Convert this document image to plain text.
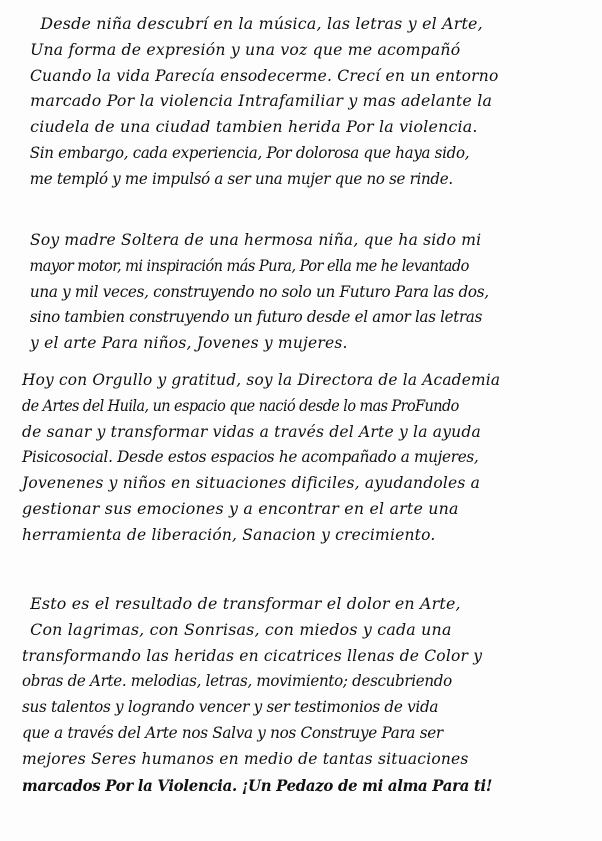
Desde niña descubrí en la música, las letras y el Arte,
Una forma de expresión y una voz que me acompañó
Cuando la vida Parecía ensodecerme. Crecí en un entorno
marcado Por la violencia Intrafamiliar y mas adelante la
ciudela de una ciudad tambien herida Por la violencia.
Sin embargo, cada experiencia, Por dolorosa que haya sido,
me templó y me impulsó a ser una mujer que no se rinde.
Soy madre Soltera de una hermosa niña, que ha sido mi
mayor motor, mi inspiración más Pura, Por ella me he levantado
una y mil veces, construyendo no solo un Futuro Para las dos,
sino tambien construyendo un futuro desde el amor las letras
y el arte Para niños, Jovenes y mujeres.
Hoy con Orgullo y gratitud, soy la Directora de la Academia
de Artes del Huila, un espacio que nació desde lo mas ProFundo
de sanar y transformar vidas a través del Arte y la ayuda
Pisicosocial. Desde estos espacios he acompañado a mujeres,
Jovenenes y niños en situaciones dificiles, ayudandoles a
gestionar sus emociones y a encontrar en el arte una
herramienta de liberación, Sanacion y crecimiento.
Esto es el resultado de transformar el dolor en Arte,
Con lagrimas, con Sonrisas, con miedos y cada una
transformando las heridas en cicatrices llenas de Color y
obras de Arte. melodias, letras, movimiento; descubriendo
sus talentos y logrando vencer y ser testimonios de vida
que a través del Arte nos Salva y nos Construye Para ser
mejores Seres humanos en medio de tantas situaciones
marcados Por la Violencia. ¡Un Pedazo de mi alma Para ti!
